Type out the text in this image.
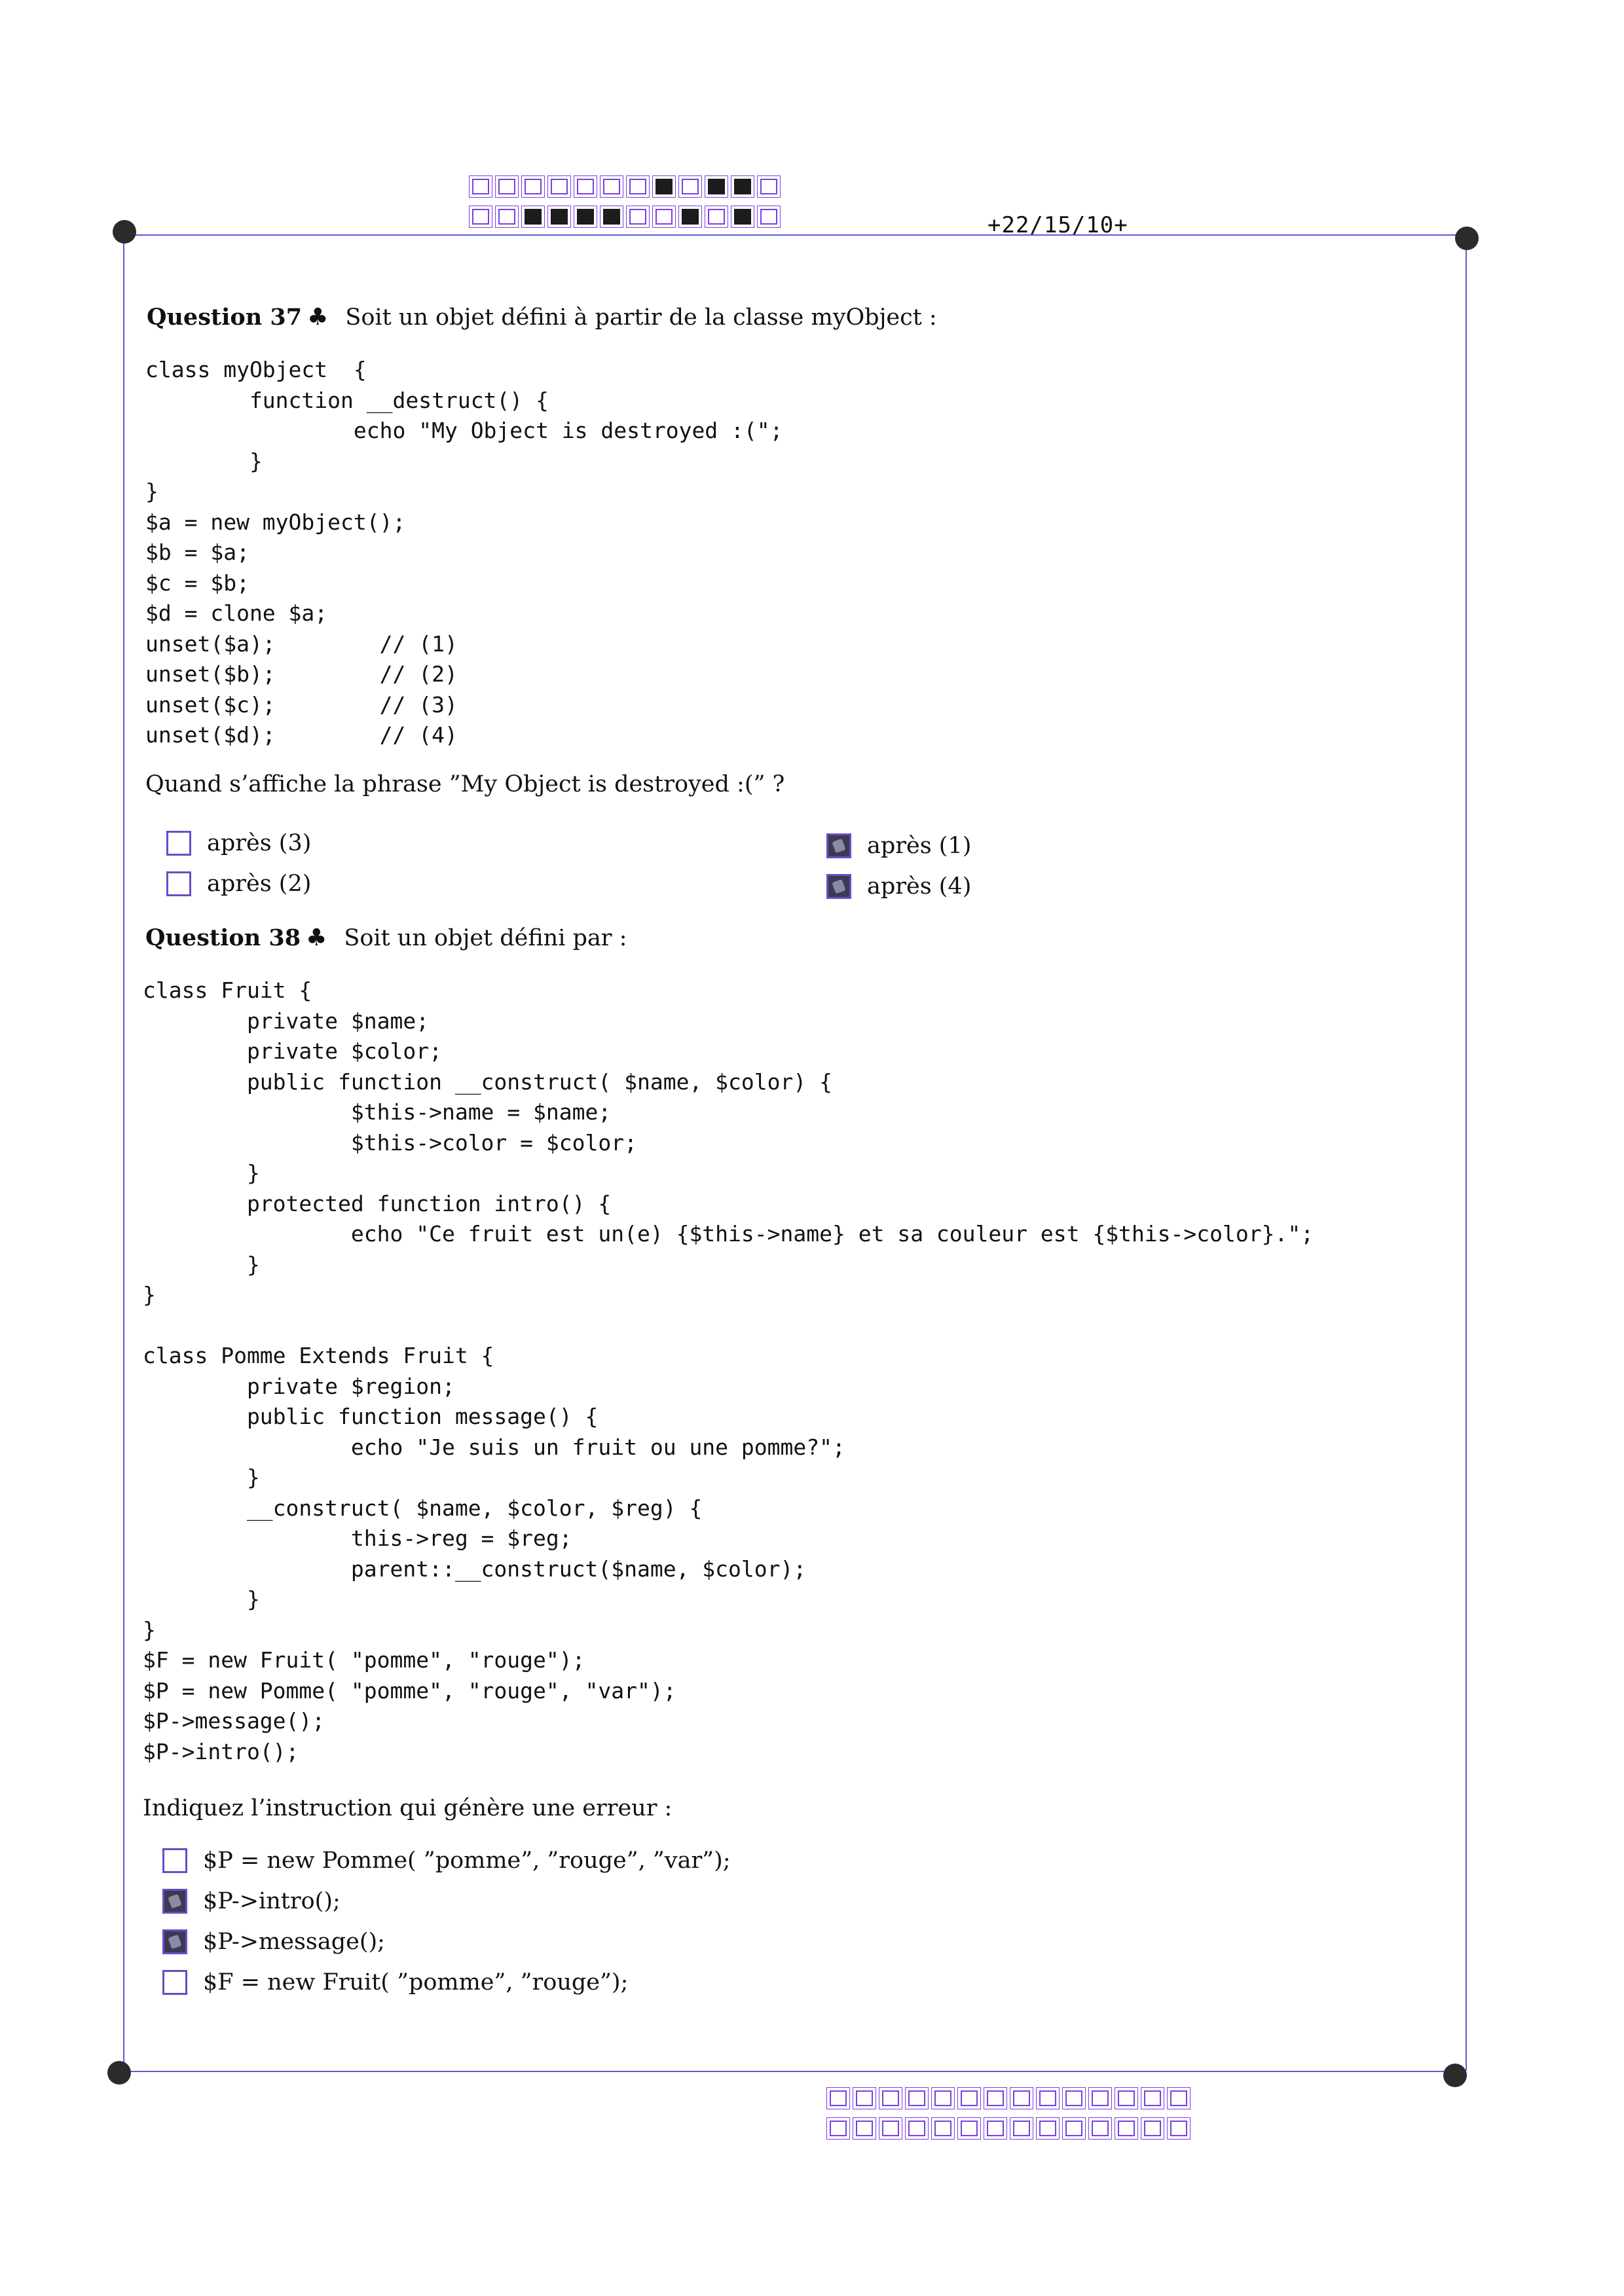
+22/15/10+
Question 37 ♣ Soit un objet défini à partir de la classe myObject :
class myObject  {
function __destruct() {
echo "My Object is destroyed :(";
}
}
$a = new myObject();
$b = $a;
$c = $b;
$d = clone $a;
unset($a);        // (1)
unset($b);        // (2)
unset($c);        // (3)
unset($d);        // (4)
Quand s’affiche la phrase ”My Object is destroyed :(” ?
après (3)
après (2)
après (1)
après (4)
Question 38 ♣ Soit un objet défini par :
class Fruit {
private $name;
private $color;
public function __construct( $name, $color) {
$this->name = $name;
$this->color = $color;
}
protected function intro() {
echo "Ce fruit est un(e) {$this->name} et sa couleur est {$this->color}.";
}
}

class Pomme Extends Fruit {
private $region;
public function message() {
echo "Je suis un fruit ou une pomme?";
}
__construct( $name, $color, $reg) {
this->reg = $reg;
parent::__construct($name, $color);
}
}
$F = new Fruit( "pomme", "rouge");
$P = new Pomme( "pomme", "rouge", "var");
$P->message();
$P->intro();
Indiquez l’instruction qui génère une erreur :
$P = new Pomme( ”pomme”, ”rouge”, ”var”);
$P->intro();
$P->message();
$F = new Fruit( ”pomme”, ”rouge”);
